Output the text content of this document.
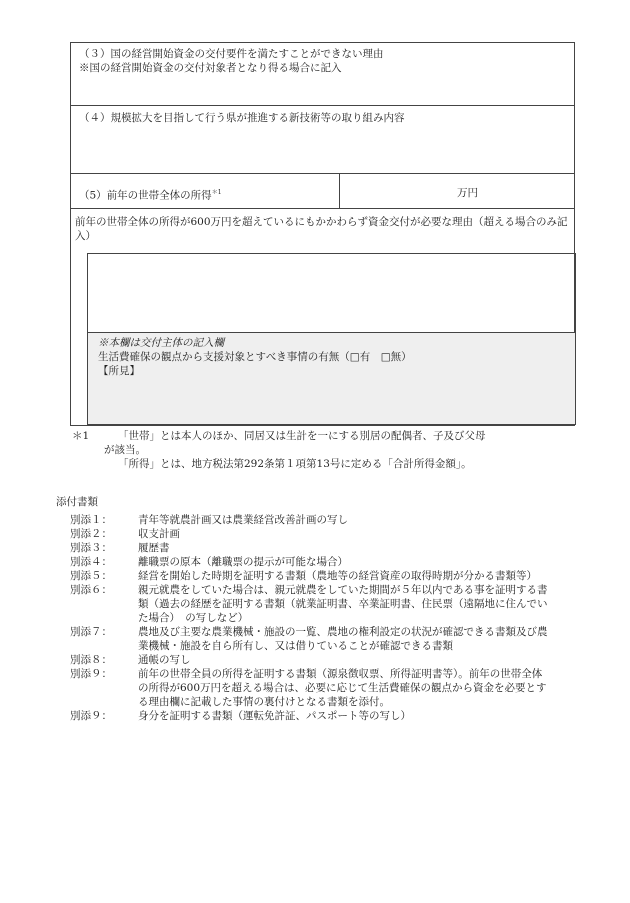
（３）国の経営開始資金の交付要件を満たすことができない理由
※国の経営開始資金の交付対象者となり得る場合に記入
（４）規模拡大を目指して行う県が推進する新技術等の取り組み内容
（5）前年の世帯全体の所得$^{*1}$	万円
前年の世帯全体の所得が600万円を超えているにもかかわらず資金交付が必要な理由（超える場合のみ記入）
※本欄は交付主体の記入欄
生活費確保の観点から支援対象とすべき事情の有無（□有　□無）
【所見】
＊1	「世帯」とは本人のほか、同居又は生計を一にする別居の配偶者、子及び父母
が該当。
「所得」とは、地方税法第292条第１項第13号に定める「合計所得金額」。
添付書類
別添１： 青年等就農計画又は農業経営改善計画の写し
別添２： 収支計画
別添３： 履歴書
別添４： 離職票の原本（離職票の提示が可能な場合）
別添５： 経営を開始した時期を証明する書類（農地等の経営資産の取得時期が分かる書類等）
別添６： 親元就農をしていた場合は、親元就農をしていた期間が５年以内である事を証明する書
類（過去の経歴を証明する書類（就業証明書、卒業証明書、住民票（遠隔地に住んでい
た場合）　の写しなど）
別添７： 農地及び主要な農業機械・施設の一覧、農地の権利設定の状況が確認できる書類及び農
業機械・施設を自ら所有し、又は借りていることが確認できる書類
別添８： 通帳の写し
別添９： 前年の世帯全員の所得を証明する書類（源泉徴収票、所得証明書等）。前年の世帯全体
の所得が600万円を超える場合は、必要に応じて生活費確保の観点から資金を必要とす
る理由欄に記載した事情の裏付けとなる書類を添付。
別添９： 身分を証明する書類（運転免許証、パスポート等の写し）
